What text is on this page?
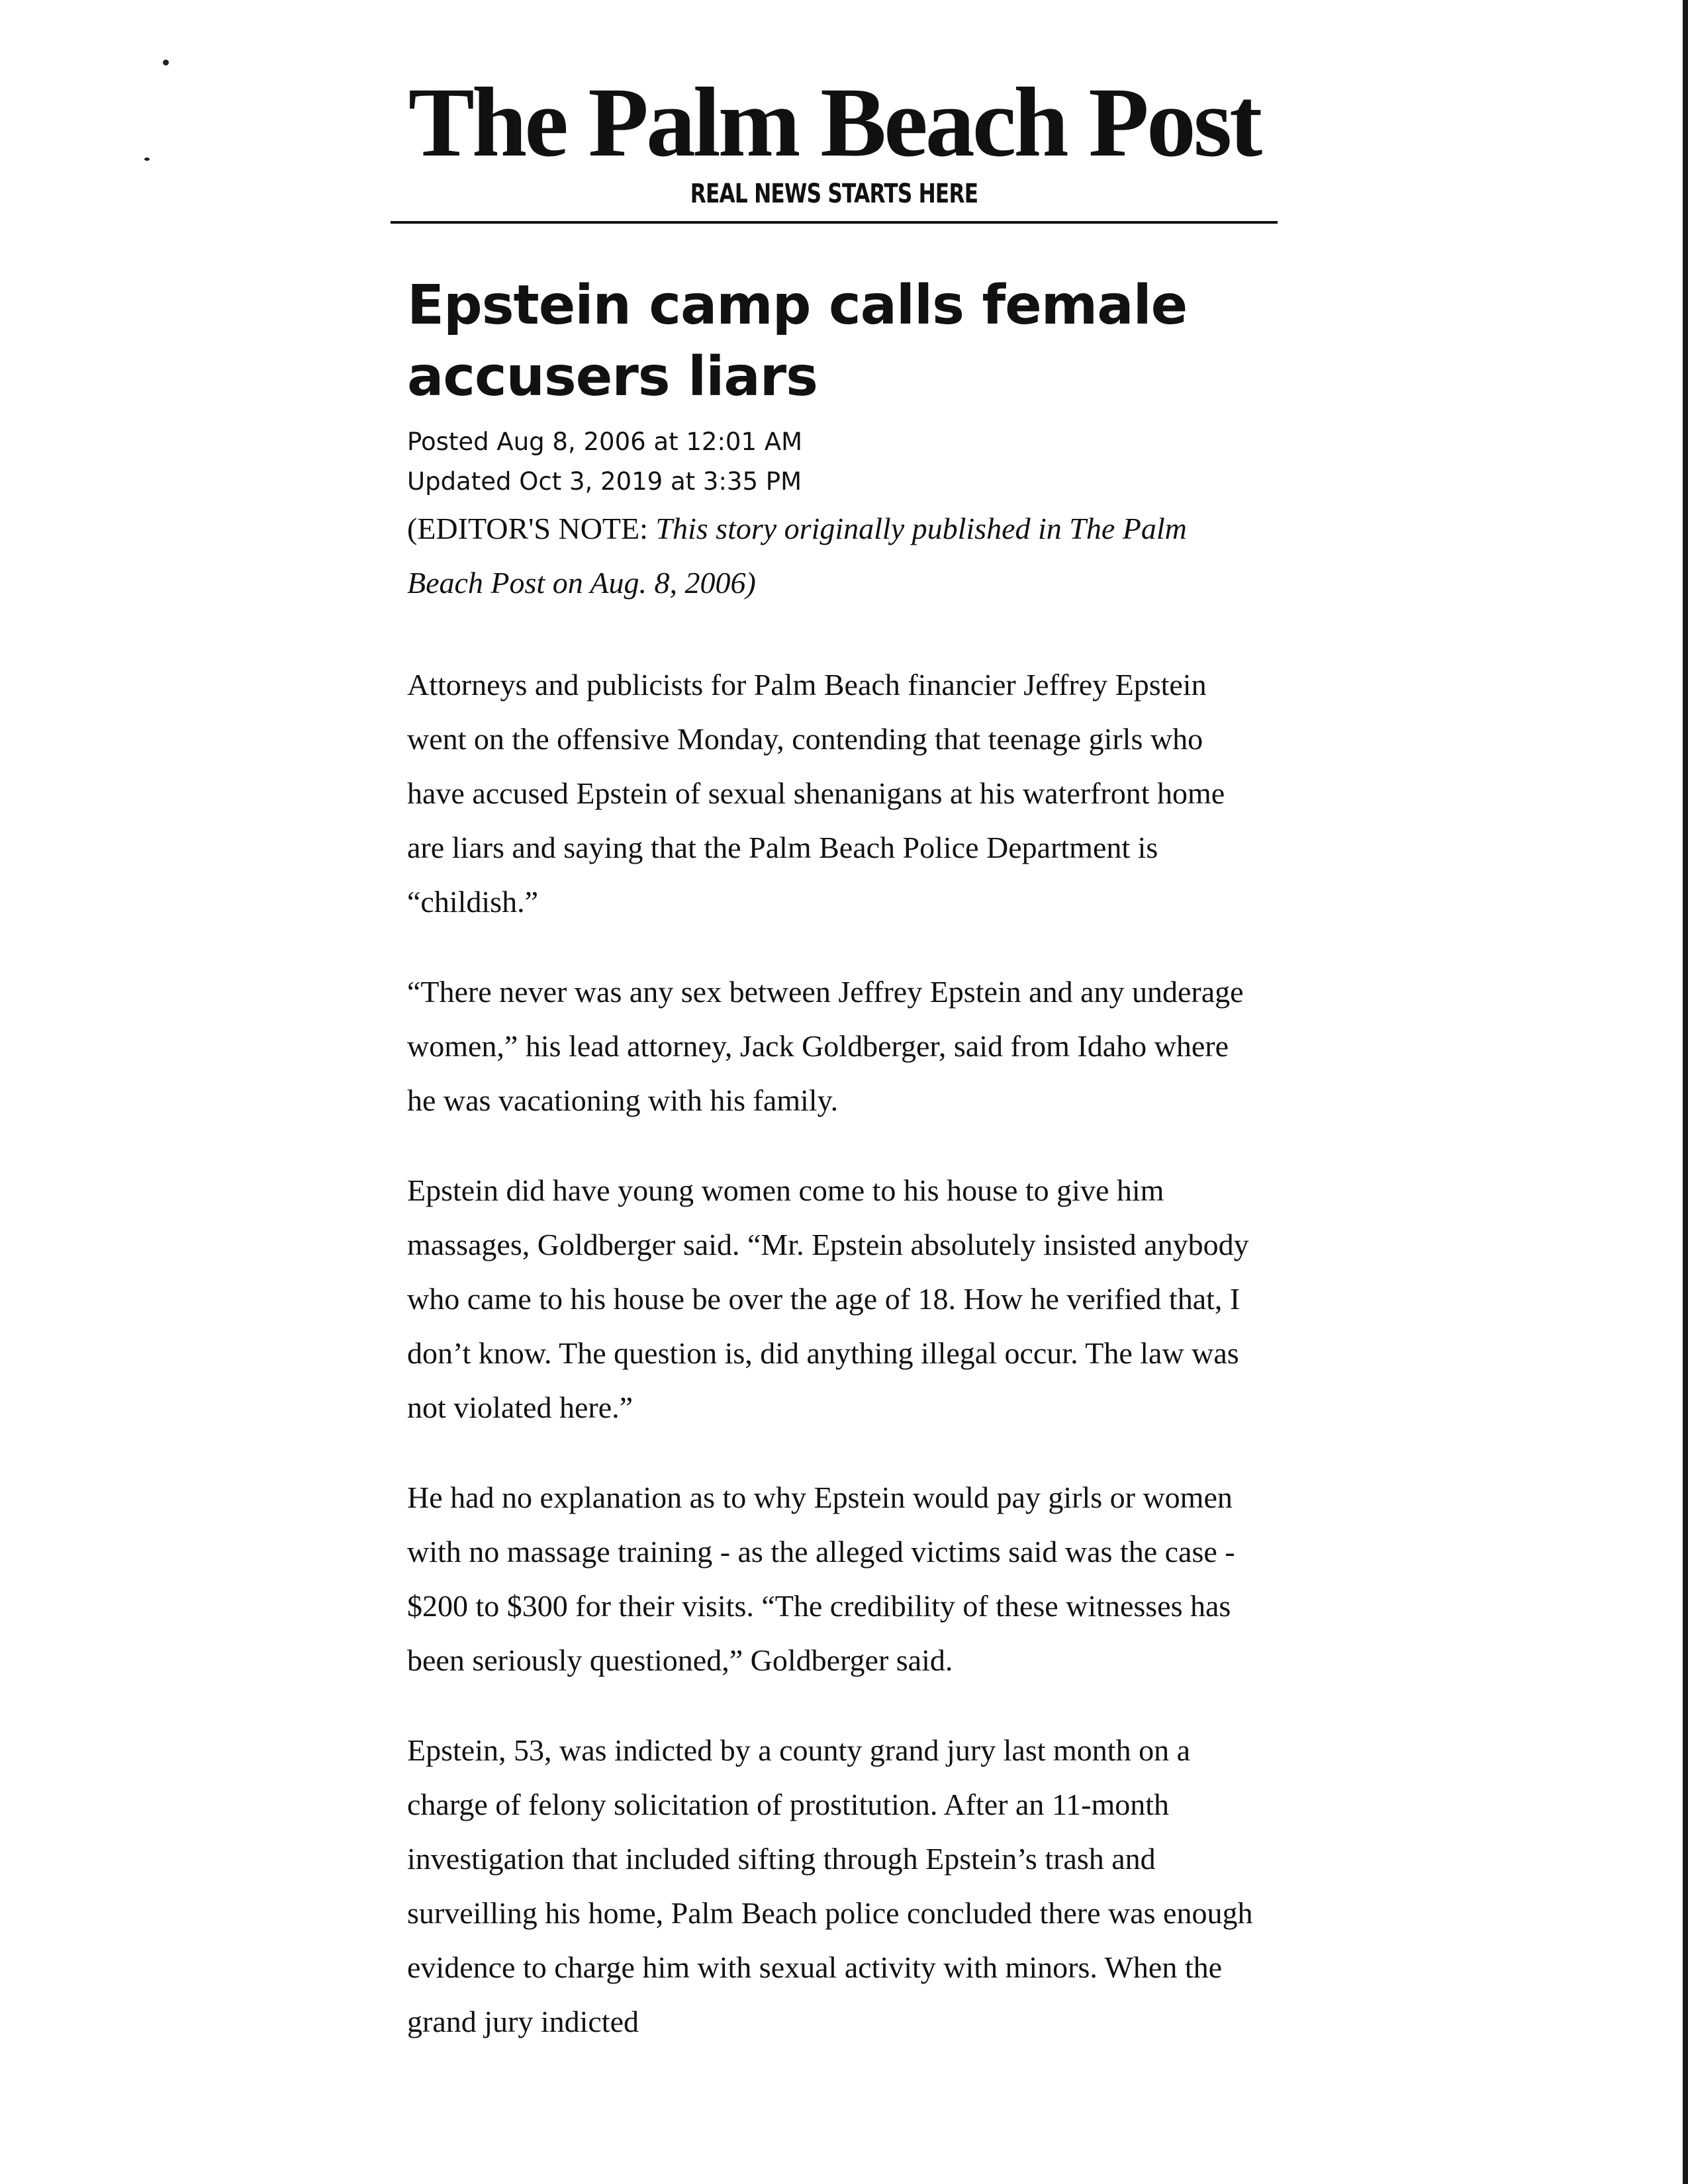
The Palm Beach Post
REAL NEWS STARTS HERE
Epstein camp calls female accusers liars
Posted Aug 8, 2006 at 12:01 AM
Updated Oct 3, 2019 at 3:35 PM
(EDITOR'S NOTE: This story originally published in The Palm Beach Post on Aug. 8, 2006)

Attorneys and publicists for Palm Beach financier Jeffrey Epstein went on the offensive Monday, contending that teenage girls who have accused Epstein of sexual shenanigans at his waterfront home are liars and saying that the Palm Beach Police Department is “childish.”

“There never was any sex between Jeffrey Epstein and any underage women,” his lead attorney, Jack Goldberger, said from Idaho where he was vacationing with his family.

Epstein did have young women come to his house to give him massages, Goldberger said. “Mr. Epstein absolutely insisted anybody who came to his house be over the age of 18. How he verified that, I don’t know. The question is, did anything illegal occur. The law was not violated here.”

He had no explanation as to why Epstein would pay girls or women with no massage training - as the alleged victims said was the case - $200 to $300 for their visits. “The credibility of these witnesses has been seriously questioned,” Goldberger said.

Epstein, 53, was indicted by a county grand jury last month on a charge of felony solicitation of prostitution. After an 11-month investigation that included sifting through Epstein’s trash and surveilling his home, Palm Beach police concluded there was enough evidence to charge him with sexual activity with minors. When the grand jury indicted
